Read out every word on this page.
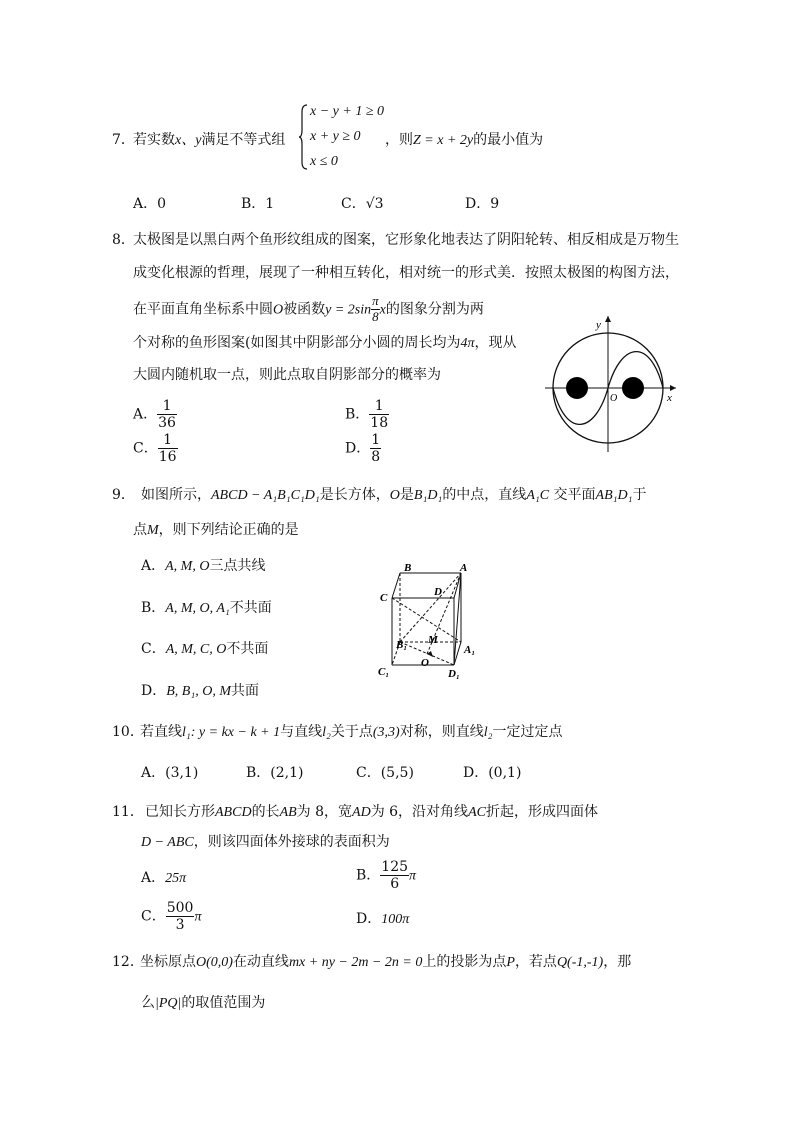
7．
若实数x、y满足不等式组
x − y + 1 ≥ 0
x + y ≥ 0
x ≤ 0
，则Z = x + 2y的最小值为
A．0	B．1	C．√3	D．9
8．
太极图是以黑白两个鱼形纹组成的图案，它形象化地表达了阴阳轮转、相反相成是万物生
成变化根源的哲理，展现了一种相互转化，相对统一的形式美．按照太极图的构图方法，
在平面直角坐标系中圆O被函数$y = 2\sin \frac{\pi}{8}$ x的图象分割为两
个对称的鱼形图案(如图其中阴影部分小圆的周长均为4π，现从
大圆内随机取一点，则此点取自阴影部分的概率为
A． $\frac{1}{36}$	B． $\frac{1}{18}$
C． $\frac{1}{16}$	D． $\frac{1}{8}$
y
x
O
9． 如图所示，ABCD − A₁B₁C₁D₁是长方体，O是B₁D₁的中点，直线A₁C 交平面AB₁D₁于
点M，则下列结论正确的是
A．A, M, O三点共线
B．A, M, O, A₁不共面
C．A, M, C, O不共面
D．B, B₁, O, M共面
B	A
C	D
B₁ M
A₁
O
C₁	D₁
10．
若直线l₁: y = kx − k + 1与直线l₂关于点(3,3)对称，则直线l₂一定过定点
A．(3,1)	B．(2,1)	C．(5,5)	D．(0,1)
11． 已知长方形ABCD的长AB为 8，宽AD为 6，沿对角线AC折起，形成四面体
D − ABC，则该四面体外接球的表面积为
A．25π	B． $\frac{125}{6}$ π
C． $\frac{500}{3}$ π	D．100π
12．
坐标原点O(0,0)在动直线mx + ny − 2m − 2n = 0上的投影为点P，若点Q(-1,-1)，那
么|PQ|的取值范围为
